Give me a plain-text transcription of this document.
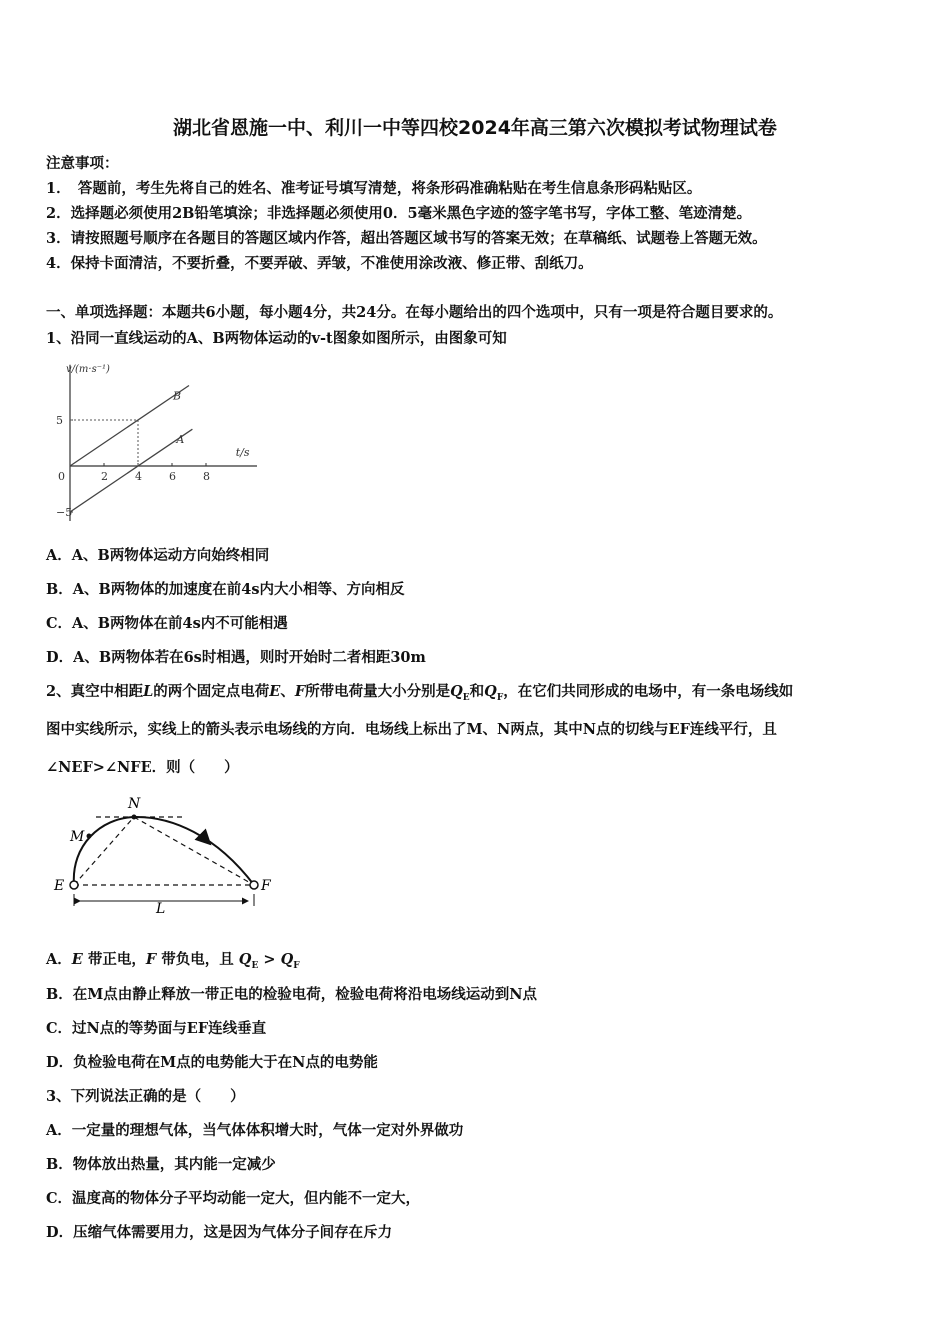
湖北省恩施一中、利川一中等四校2024年高三第六次模拟考试物理试卷
注意事项：
1．　答题前，考生先将自己的姓名、准考证号填写清楚，将条形码准确粘贴在考生信息条形码粘贴区。
2．选择题必须使用2B铅笔填涂；非选择题必须使用0．5毫米黑色字迹的签字笔书写，字体工整、笔迹清楚。
3．请按照题号顺序在各题目的答题区域内作答，超出答题区域书写的答案无效；在草稿纸、试题卷上答题无效。
4．保持卡面清洁，不要折叠，不要弄破、弄皱，不准使用涂改液、修正带、刮纸刀。
一、单项选择题：本题共6小题，每小题4分，共24分。在每小题给出的四个选项中，只有一项是符合题目要求的。
1、沿同一直线运动的A、B两物体运动的v-t图象如图所示，由图象可知
v/(m·s⁻¹)
t/s
0	2 4 6 8
5
−5
B
A
A．A、B两物体运动方向始终相同
B．A、B两物体的加速度在前4s内大小相等、方向相反
C．A、B两物体在前4s内不可能相遇
D．A、B两物体若在6s时相遇，则时开始时二者相距30m
2、真空中相距L的两个固定点电荷E、F所带电荷量大小分别是$Q_E$和$Q_F$，在它们共同形成的电场中，有一条电场线如
图中实线所示，实线上的箭头表示电场线的方向．电场线上标出了M、N两点，其中N点的切线与EF连线平行，且
∠NEF>∠NFE．则（　　）
N
M
E	F
L
A．E 带正电，F 带负电，且 $Q_E > Q_F$
B．在M点由静止释放一带正电的检验电荷，检验电荷将沿电场线运动到N点
C．过N点的等势面与EF连线垂直
D．负检验电荷在M点的电势能大于在N点的电势能
3、下列说法正确的是（　　）
A．一定量的理想气体，当气体体积增大时，气体一定对外界做功
B．物体放出热量，其内能一定减少
C．温度高的物体分子平均动能一定大，但内能不一定大，
D．压缩气体需要用力，这是因为气体分子间存在斥力
